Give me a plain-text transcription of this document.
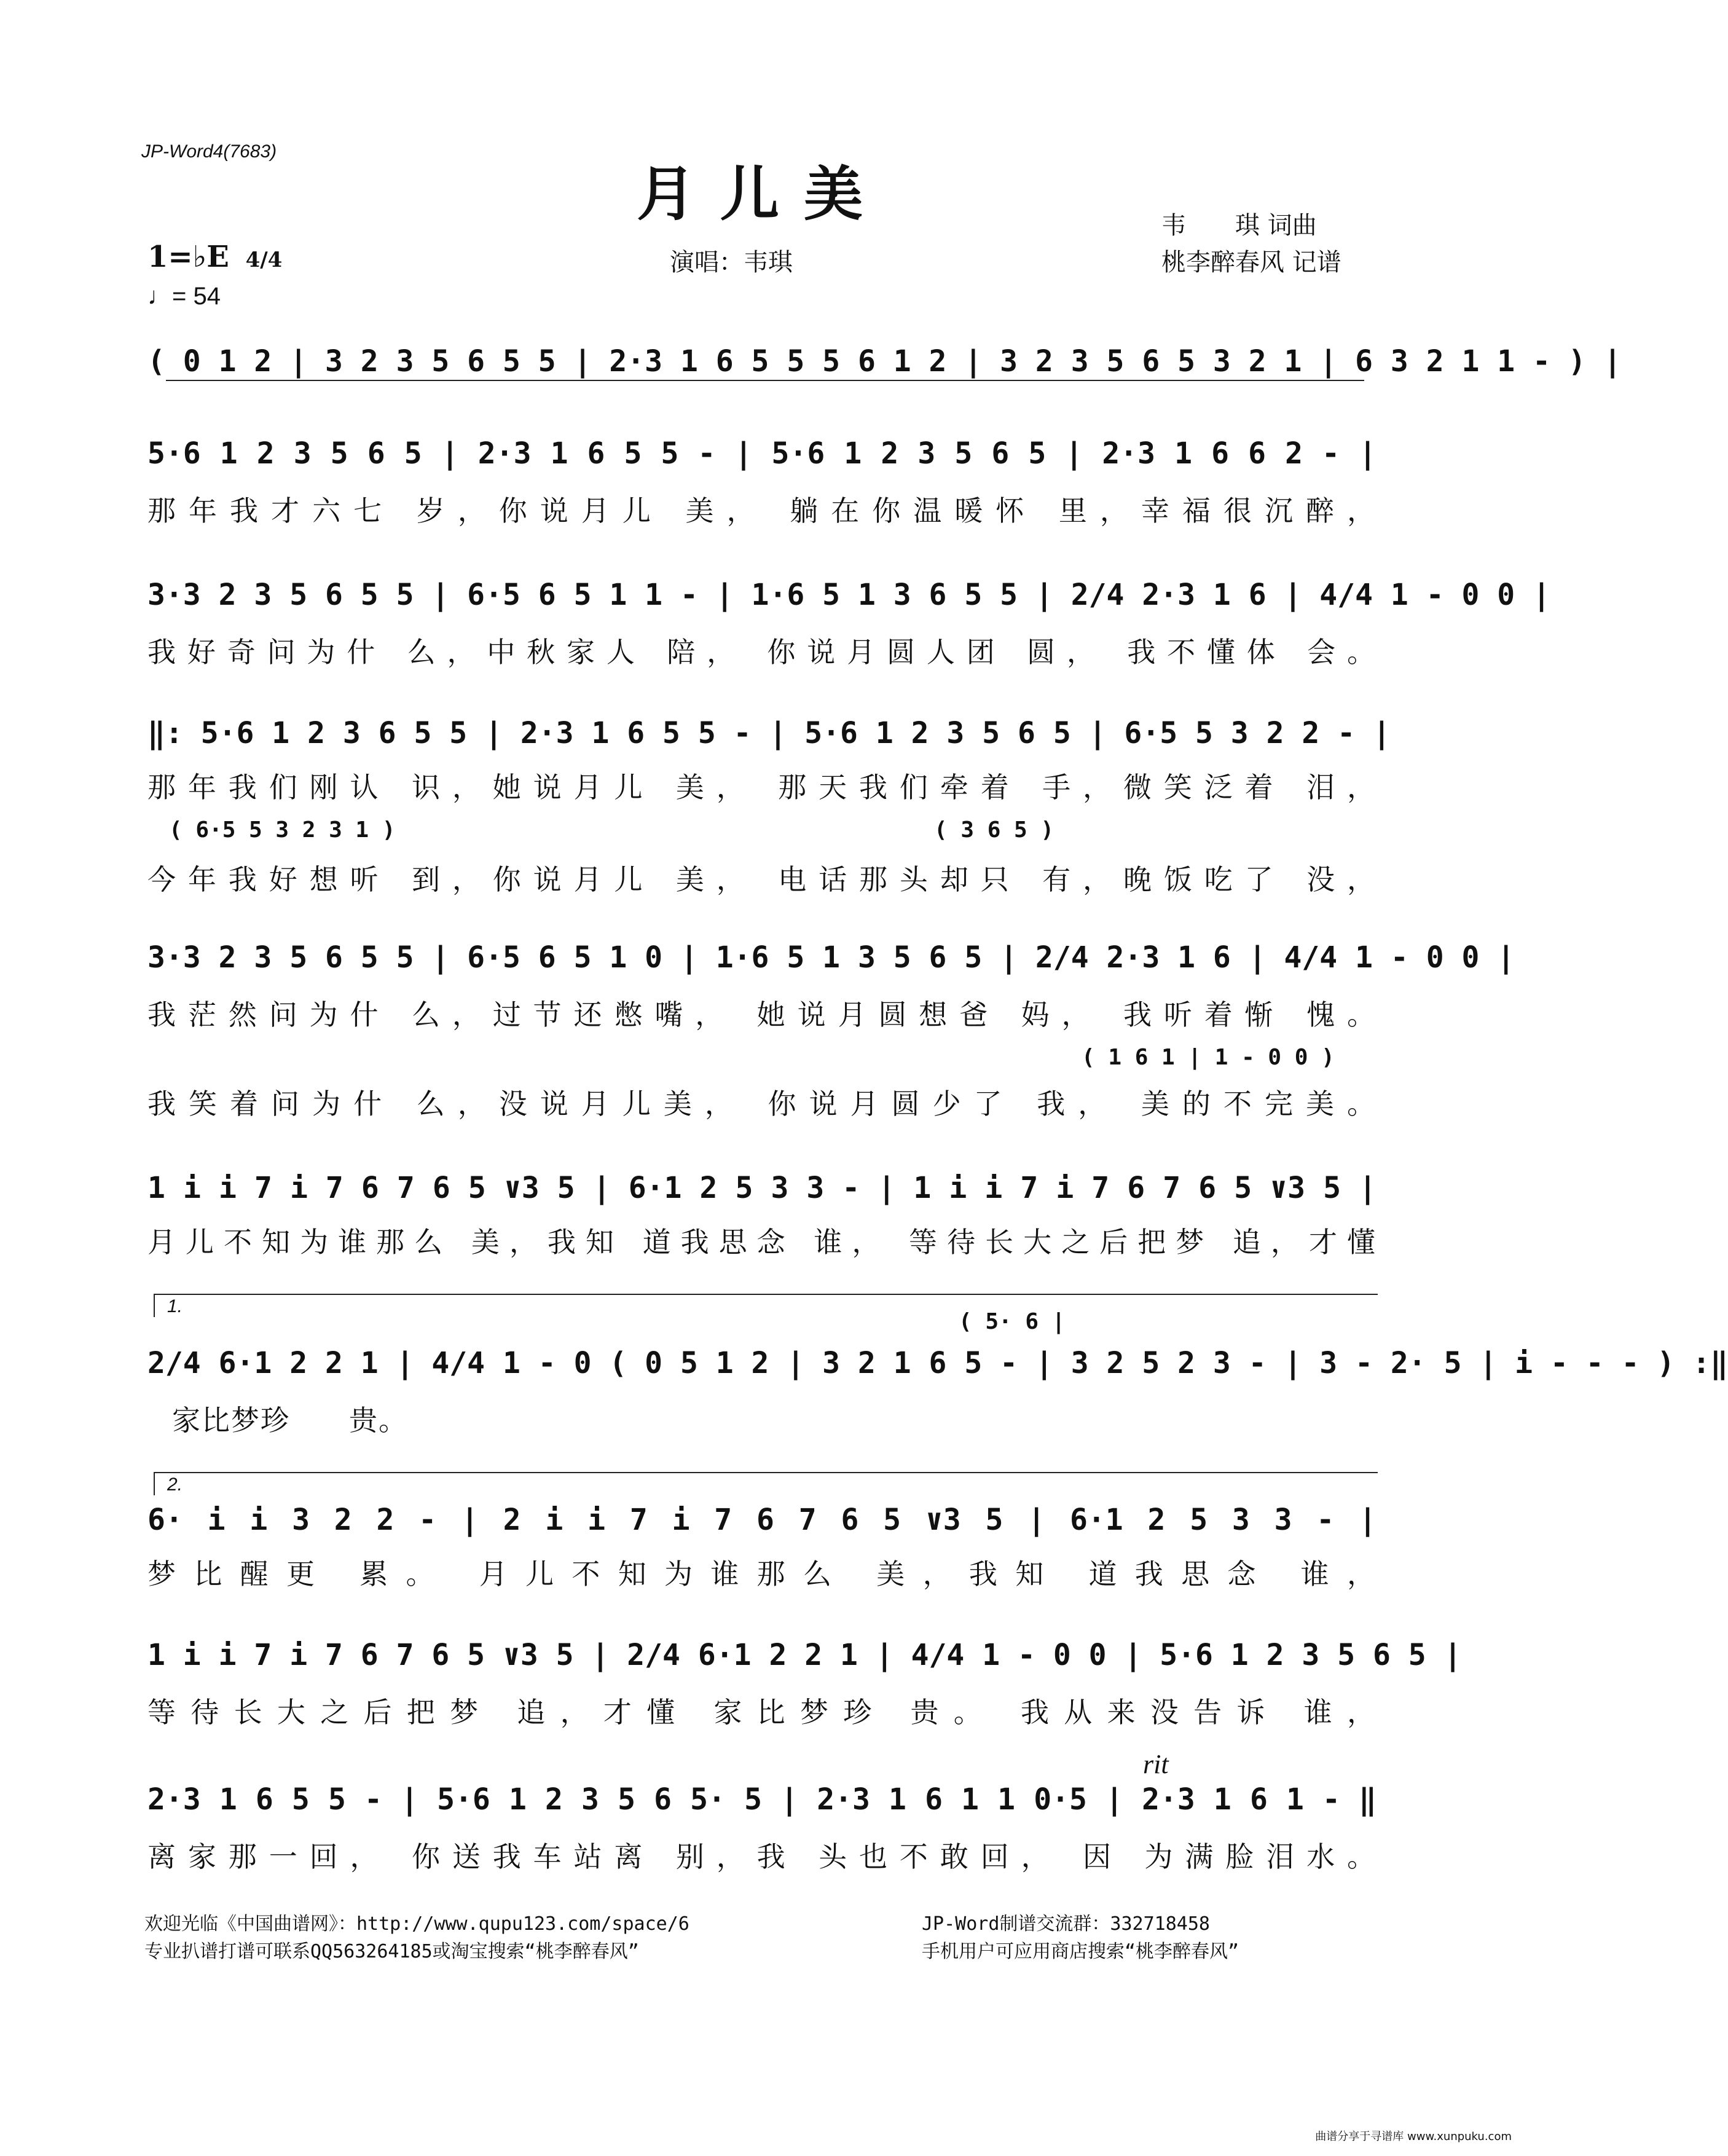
JP-Word4(7683)
月儿美
演唱：韦琪
韦　　琪 词曲
桃李醉春风 记谱
1=♭E 4/4
♩= 54
( 0 1 2 | 3 2 3 5 6 5 5 | 2·3 1 6 5 5 5 6 1 2 | 3 2 3 5 6 5 3 2 1 | 6 3 2 1 1 - ) |
5·6 1 2 3 5 6 5 | 2·3 1 6 5 5 - | 5·6 1 2 3 5 6 5 | 2·3 1 6 6 2 - |
那年我才六七 岁，你说月儿 美， 躺在你温暖怀 里，幸福很沉醉，
3·3 2 3 5 6 5 5 | 6·5 6 5 1 1 - | 1·6 5 1 3 6 5 5 | 2/4 2·3 1 6 | 4/4 1 - 0 0 |
我好奇问为什 么，中秋家人 陪， 你说月圆人团 圆， 我不懂体 会。
‖: 5·6 1 2 3 6 5 5 | 2·3 1 6 5 5 - | 5·6 1 2 3 5 6 5 | 6·5 5 3 2 2 - |
那年我们刚认 识，她说月儿 美， 那天我们牵着 手，微笑泛着 泪，
( 6·5 5 3 2 3 1 )	( 3 6 5 )
今年我好想听 到，你说月儿 美， 电话那头却只 有，晚饭吃了 没，
3·3 2 3 5 6 5 5 | 6·5 6 5 1 0 | 1·6 5 1 3 5 6 5 | 2/4 2·3 1 6 | 4/4 1 - 0 0 |
我茫然问为什 么，过节还憋嘴， 她说月圆想爸 妈， 我听着惭 愧。
( 1 6 1 | 1 - 0 0 )
我笑着问为什 么，没说月儿美， 你说月圆少了 我， 美的不完美。
1 i i 7 i 7 6 7 6 5 ∨3 5 | 6·1 2 5 3 3 - | 1 i i 7 i 7 6 7 6 5 ∨3 5 |
月儿不知为谁那么 美，我知 道我思念 谁， 等待长大之后把梦 追，才懂
1.
( 5· 6 |
2/4 6·1 2 2 1 | 4/4 1 - 0 ( 0 5 1 2 | 3 2 1 6 5 - | 3 2 5 2 3 - | 3 - 2· 5 | i - - - ) :‖
家比梦珍　　贵。
2.
6· i i 3 2 2 - | 2 i i 7 i 7 6 7 6 5 ∨3 5 | 6·1 2 5 3 3 - |
梦比醒更 累。 月儿不知为谁那么 美，我知 道我思念 谁，
1 i i 7 i 7 6 7 6 5 ∨3 5 | 2/4 6·1 2 2 1 | 4/4 1 - 0 0 | 5·6 1 2 3 5 6 5 |
等待长大之后把梦 追，才懂 家比梦珍 贵。 我从来没告诉 谁，
rit
2·3 1 6 5 5 - | 5·6 1 2 3 5 6 5· 5 | 2·3 1 6 1 1 0·5 | 2·3 1 6 1 - ‖
离家那一回， 你送我车站离 别，我 头也不敢回， 因 为满脸泪水。
欢迎光临《中国曲谱网》：http://www.qupu123.com/space/6
专业扒谱打谱可联系QQ563264185或淘宝搜索“桃李醉春风”
JP-Word制谱交流群：332718458
手机用户可应用商店搜索“桃李醉春风”
曲谱分享于寻谱库 www.xunpuku.com
